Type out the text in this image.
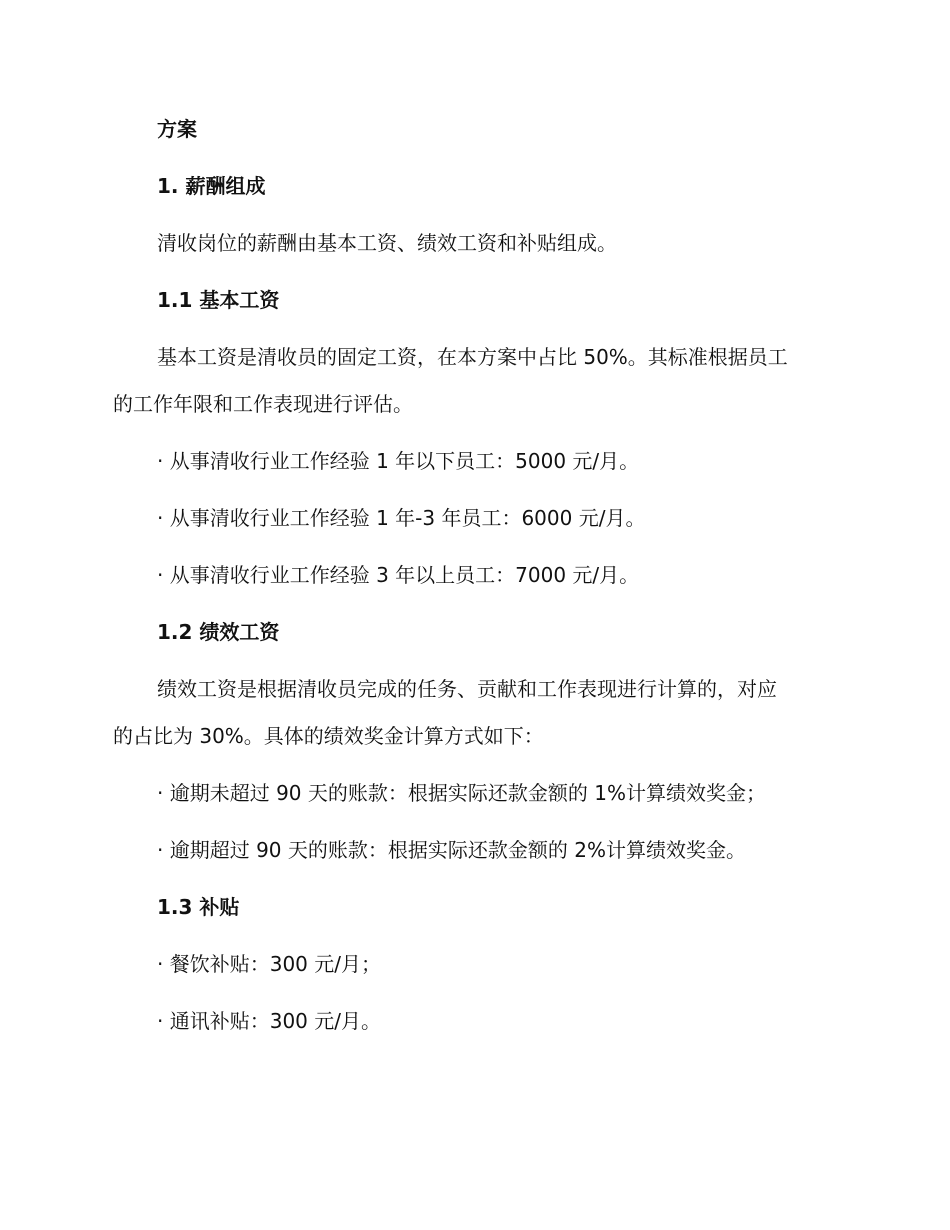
方案
1. 薪酬组成
清收岗位的薪酬由基本工资、绩效工资和补贴组成。
1.1 基本工资
基本工资是清收员的固定工资，在本方案中占比 50%。其标准根据员工
的工作年限和工作表现进行评估。
· 从事清收行业工作经验 1 年以下员工：5000 元/月。
· 从事清收行业工作经验 1 年-3 年员工：6000 元/月。
· 从事清收行业工作经验 3 年以上员工：7000 元/月。
1.2 绩效工资
绩效工资是根据清收员完成的任务、贡献和工作表现进行计算的，对应
的占比为 30%。具体的绩效奖金计算方式如下：
· 逾期未超过 90 天的账款：根据实际还款金额的 1%计算绩效奖金；
· 逾期超过 90 天的账款：根据实际还款金额的 2%计算绩效奖金。
1.3 补贴
· 餐饮补贴：300 元/月；
· 通讯补贴：300 元/月。
